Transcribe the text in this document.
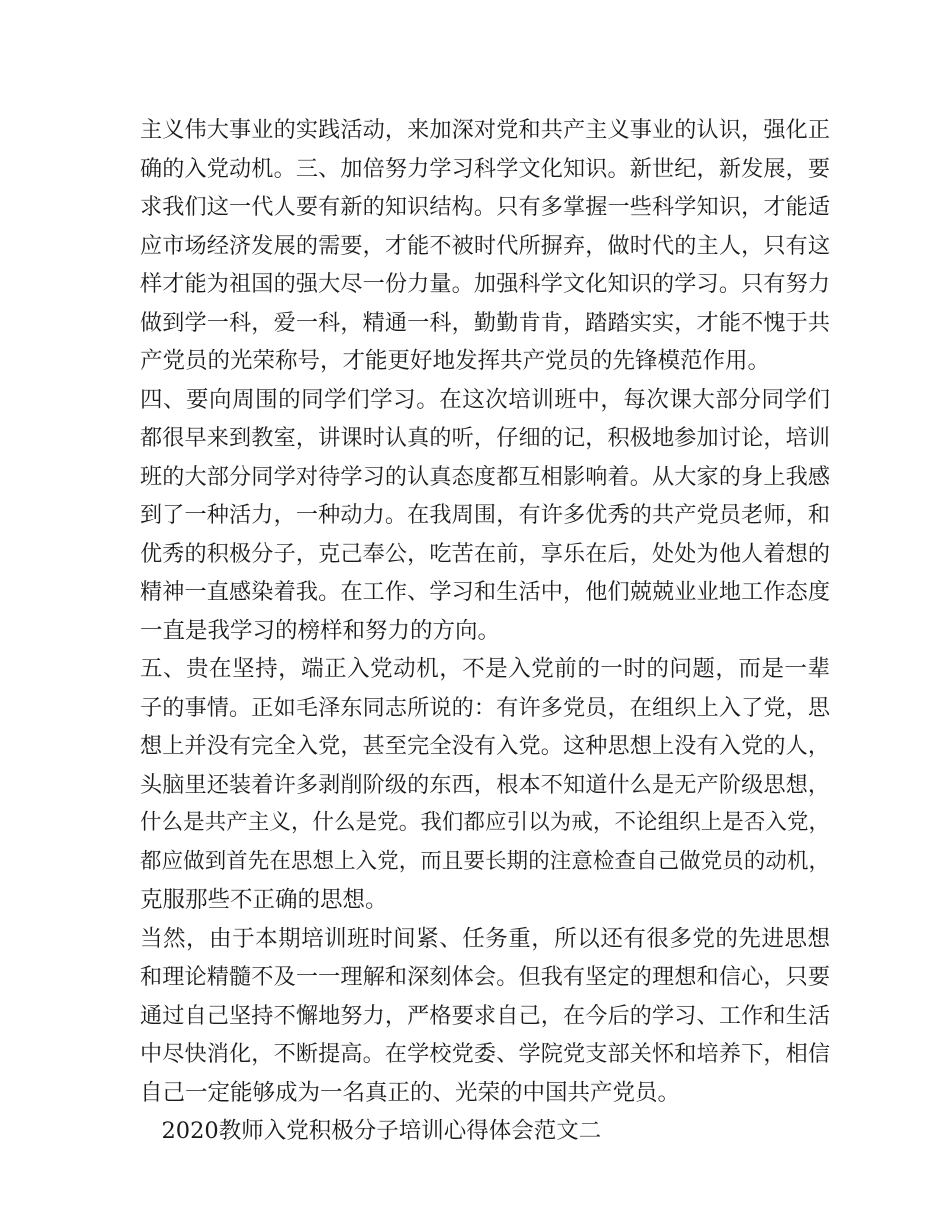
主义伟大事业的实践活动，来加深对党和共产主义事业的认识，强化正
确的入党动机。三、加倍努力学习科学文化知识。新世纪，新发展，要
求我们这一代人要有新的知识结构。只有多掌握一些科学知识，才能适
应市场经济发展的需要，才能不被时代所摒弃，做时代的主人，只有这
样才能为祖国的强大尽一份力量。加强科学文化知识的学习。只有努力
做到学一科，爱一科，精通一科，勤勤肯肯，踏踏实实，才能不愧于共
产党员的光荣称号，才能更好地发挥共产党员的先锋模范作用。
四、要向周围的同学们学习。在这次培训班中，每次课大部分同学们
都很早来到教室，讲课时认真的听，仔细的记，积极地参加讨论，培训
班的大部分同学对待学习的认真态度都互相影响着。从大家的身上我感
到了一种活力，一种动力。在我周围，有许多优秀的共产党员老师，和
优秀的积极分子，克己奉公，吃苦在前，享乐在后，处处为他人着想的
精神一直感染着我。在工作、学习和生活中，他们兢兢业业地工作态度
一直是我学习的榜样和努力的方向。
五、贵在坚持，端正入党动机，不是入党前的一时的问题，而是一辈
子的事情。正如毛泽东同志所说的：有许多党员，在组织上入了党，思
想上并没有完全入党，甚至完全没有入党。这种思想上没有入党的人，
头脑里还装着许多剥削阶级的东西，根本不知道什么是无产阶级思想，
什么是共产主义，什么是党。我们都应引以为戒，不论组织上是否入党，
都应做到首先在思想上入党，而且要长期的注意检查自己做党员的动机，
克服那些不正确的思想。
当然，由于本期培训班时间紧、任务重，所以还有很多党的先进思想
和理论精髓不及一一理解和深刻体会。但我有坚定的理想和信心，只要
通过自己坚持不懈地努力，严格要求自己，在今后的学习、工作和生活
中尽快消化，不断提高。在学校党委、学院党支部关怀和培养下，相信
自己一定能够成为一名真正的、光荣的中国共产党员。
2020教师入党积极分子培训心得体会范文二
